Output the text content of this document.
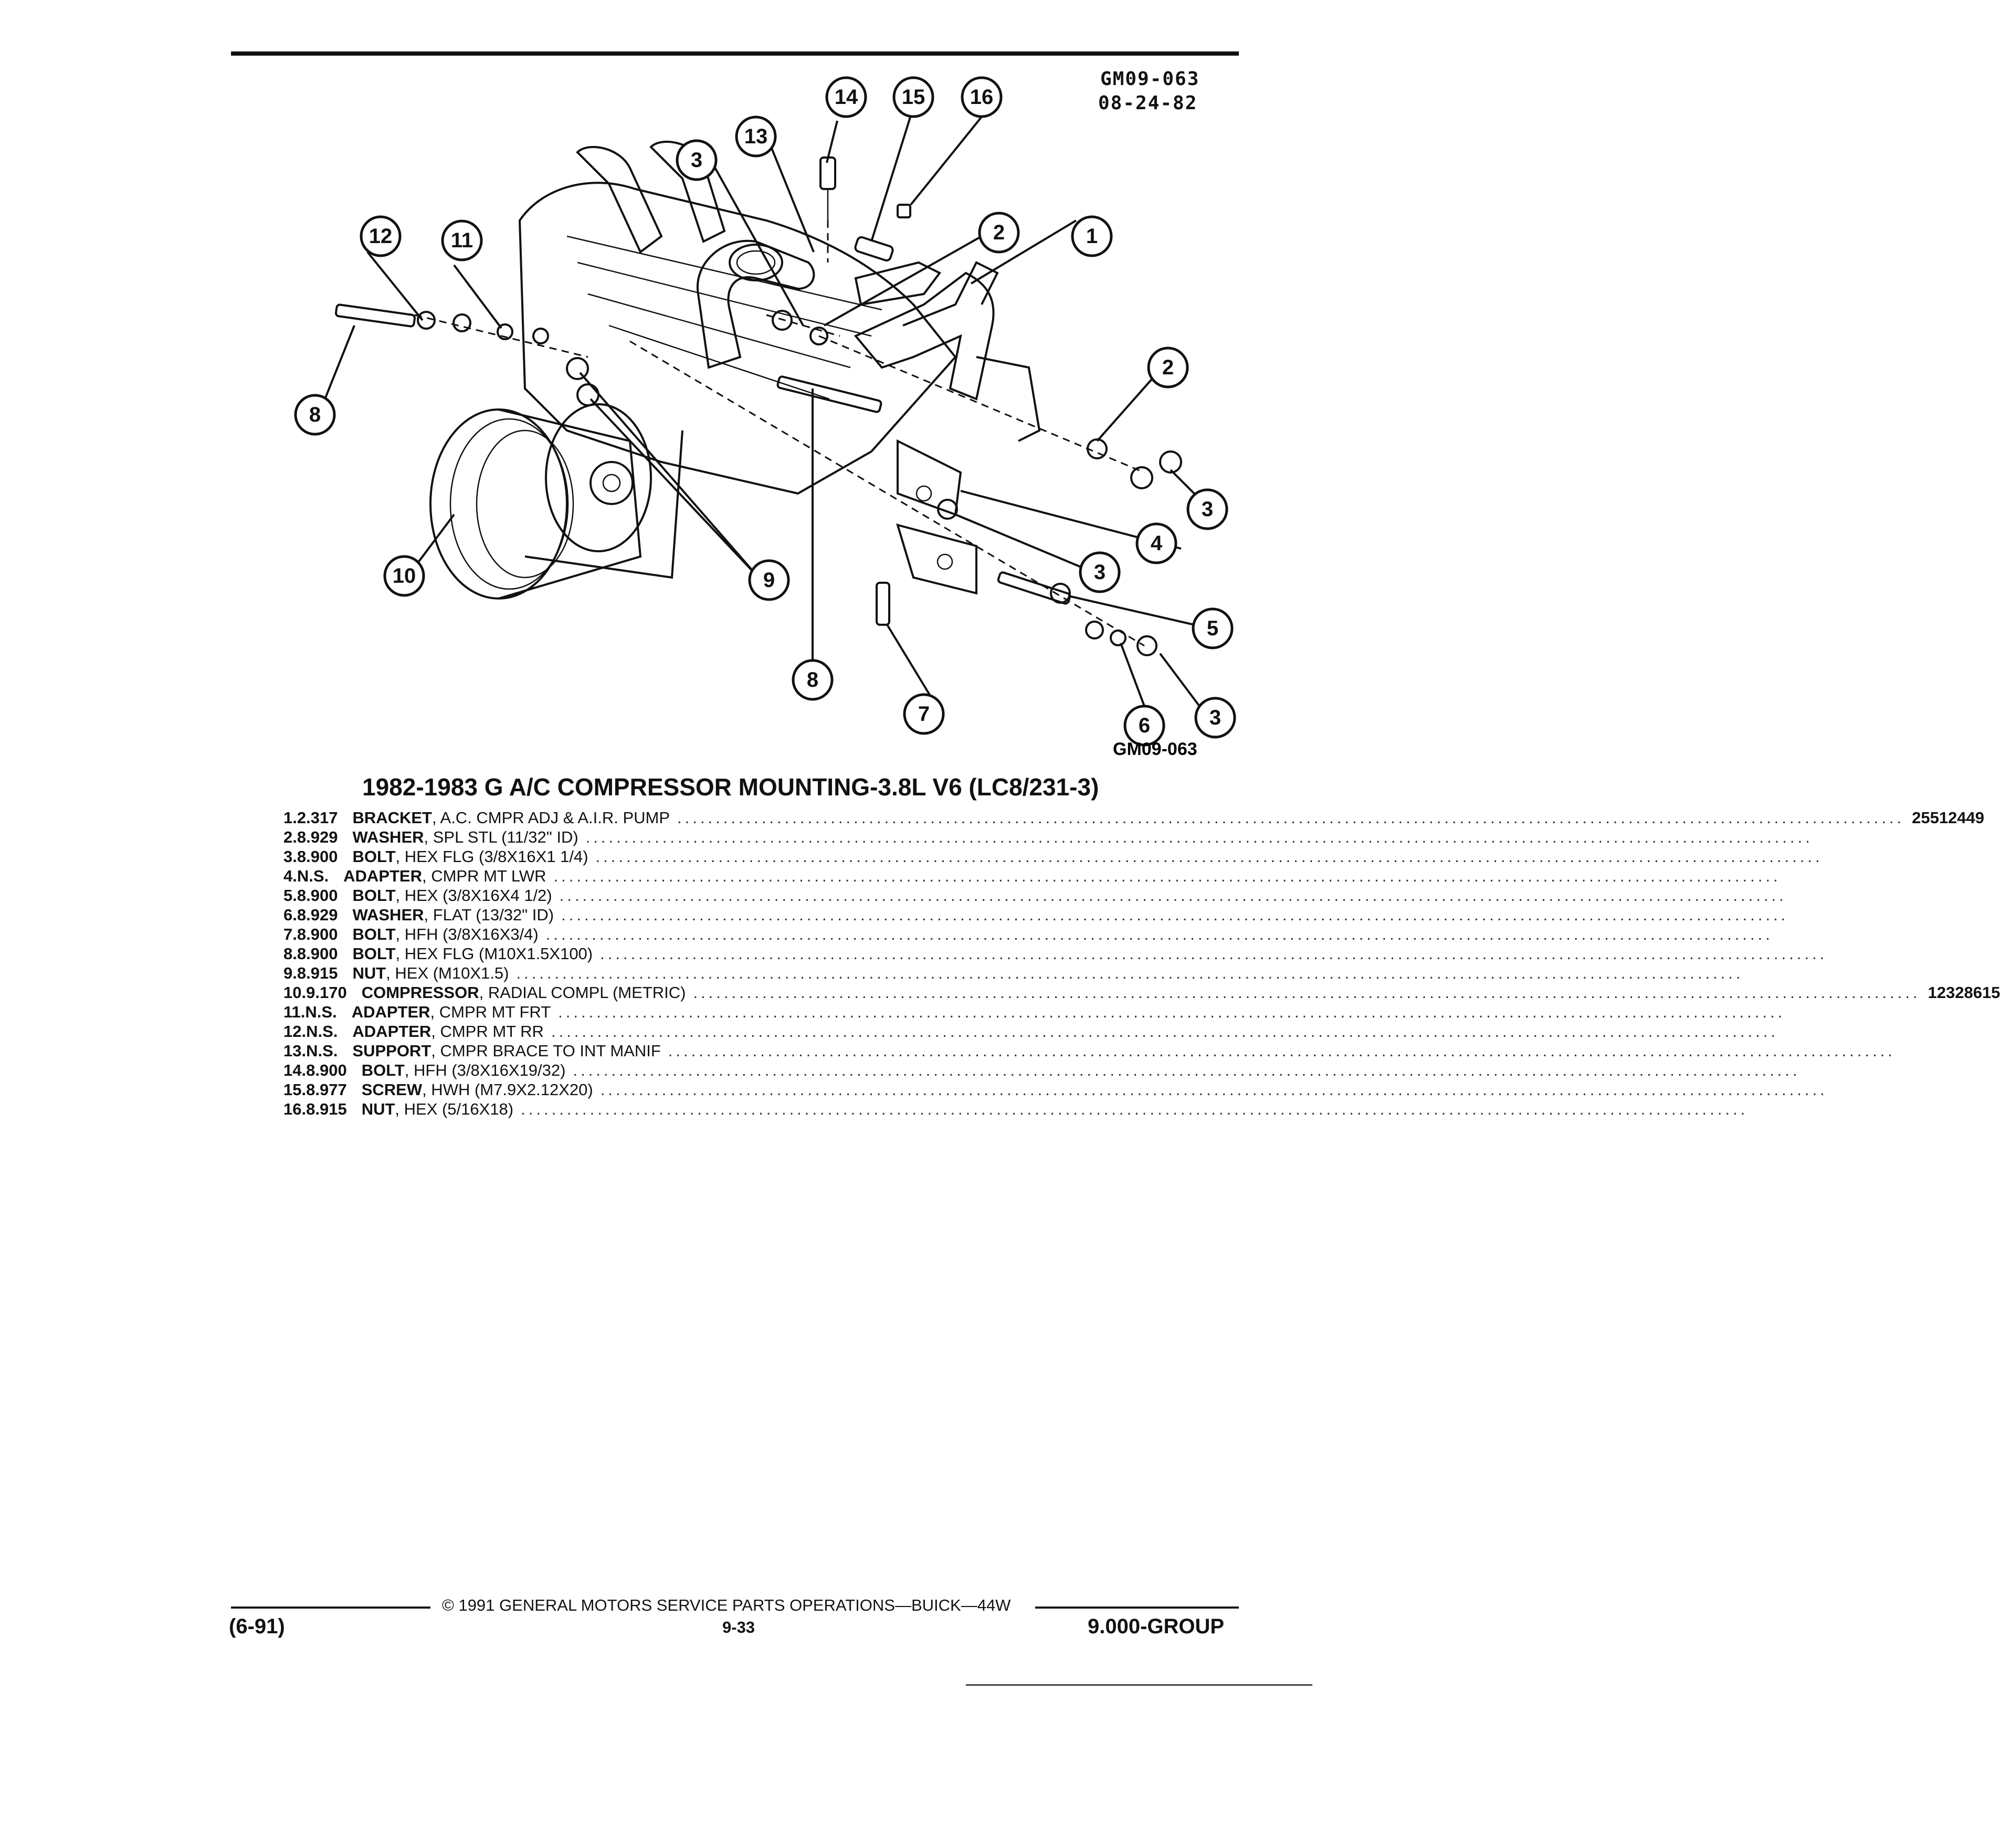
GM09-063
08-24-82
14 15 16
13
3
12	11	2	1
2
8
3
4
10	9	3
5
8
7	6	3
GM09-063
1982-1983 G A/C COMPRESSOR MOUNTING-3.8L V6 (LC8/231-3)
1. 2.317 BRACKET, A.C. CMPR ADJ & A.I.R. PUMP ................................................................................................................................................................ 25512449
2. 8.929 WASHER, SPL STL (11/32" ID) ................................................................................................................................................................
3. 8.900 BOLT, HEX FLG (3/8X16X1 1/4) ................................................................................................................................................................
4. N.S. ADAPTER, CMPR MT LWR ................................................................................................................................................................
5. 8.900 BOLT, HEX (3/8X16X4 1/2) ................................................................................................................................................................
6. 8.929 WASHER, FLAT (13/32" ID) ................................................................................................................................................................
7. 8.900 BOLT, HFH (3/8X16X3/4) ................................................................................................................................................................
8. 8.900 BOLT, HEX FLG (M10X1.5X100) ................................................................................................................................................................
9. 8.915 NUT, HEX (M10X1.5) ................................................................................................................................................................
10. 9.170 COMPRESSOR, RADIAL COMPL (METRIC) ................................................................................................................................................................ 12328615
11. N.S. ADAPTER, CMPR MT FRT ................................................................................................................................................................
12. N.S. ADAPTER, CMPR MT RR ................................................................................................................................................................
13. N.S. SUPPORT, CMPR BRACE TO INT MANIF ................................................................................................................................................................
14. 8.900 BOLT, HFH (3/8X16X19/32) ................................................................................................................................................................
15. 8.977 SCREW, HWH (M7.9X2.12X20) ................................................................................................................................................................
16. 8.915 NUT, HEX (5/16X18) ................................................................................................................................................................
© 1991 GENERAL MOTORS SERVICE PARTS OPERATIONS—BUICK—44W
9-33
(6-91)	9.000-GROUP
